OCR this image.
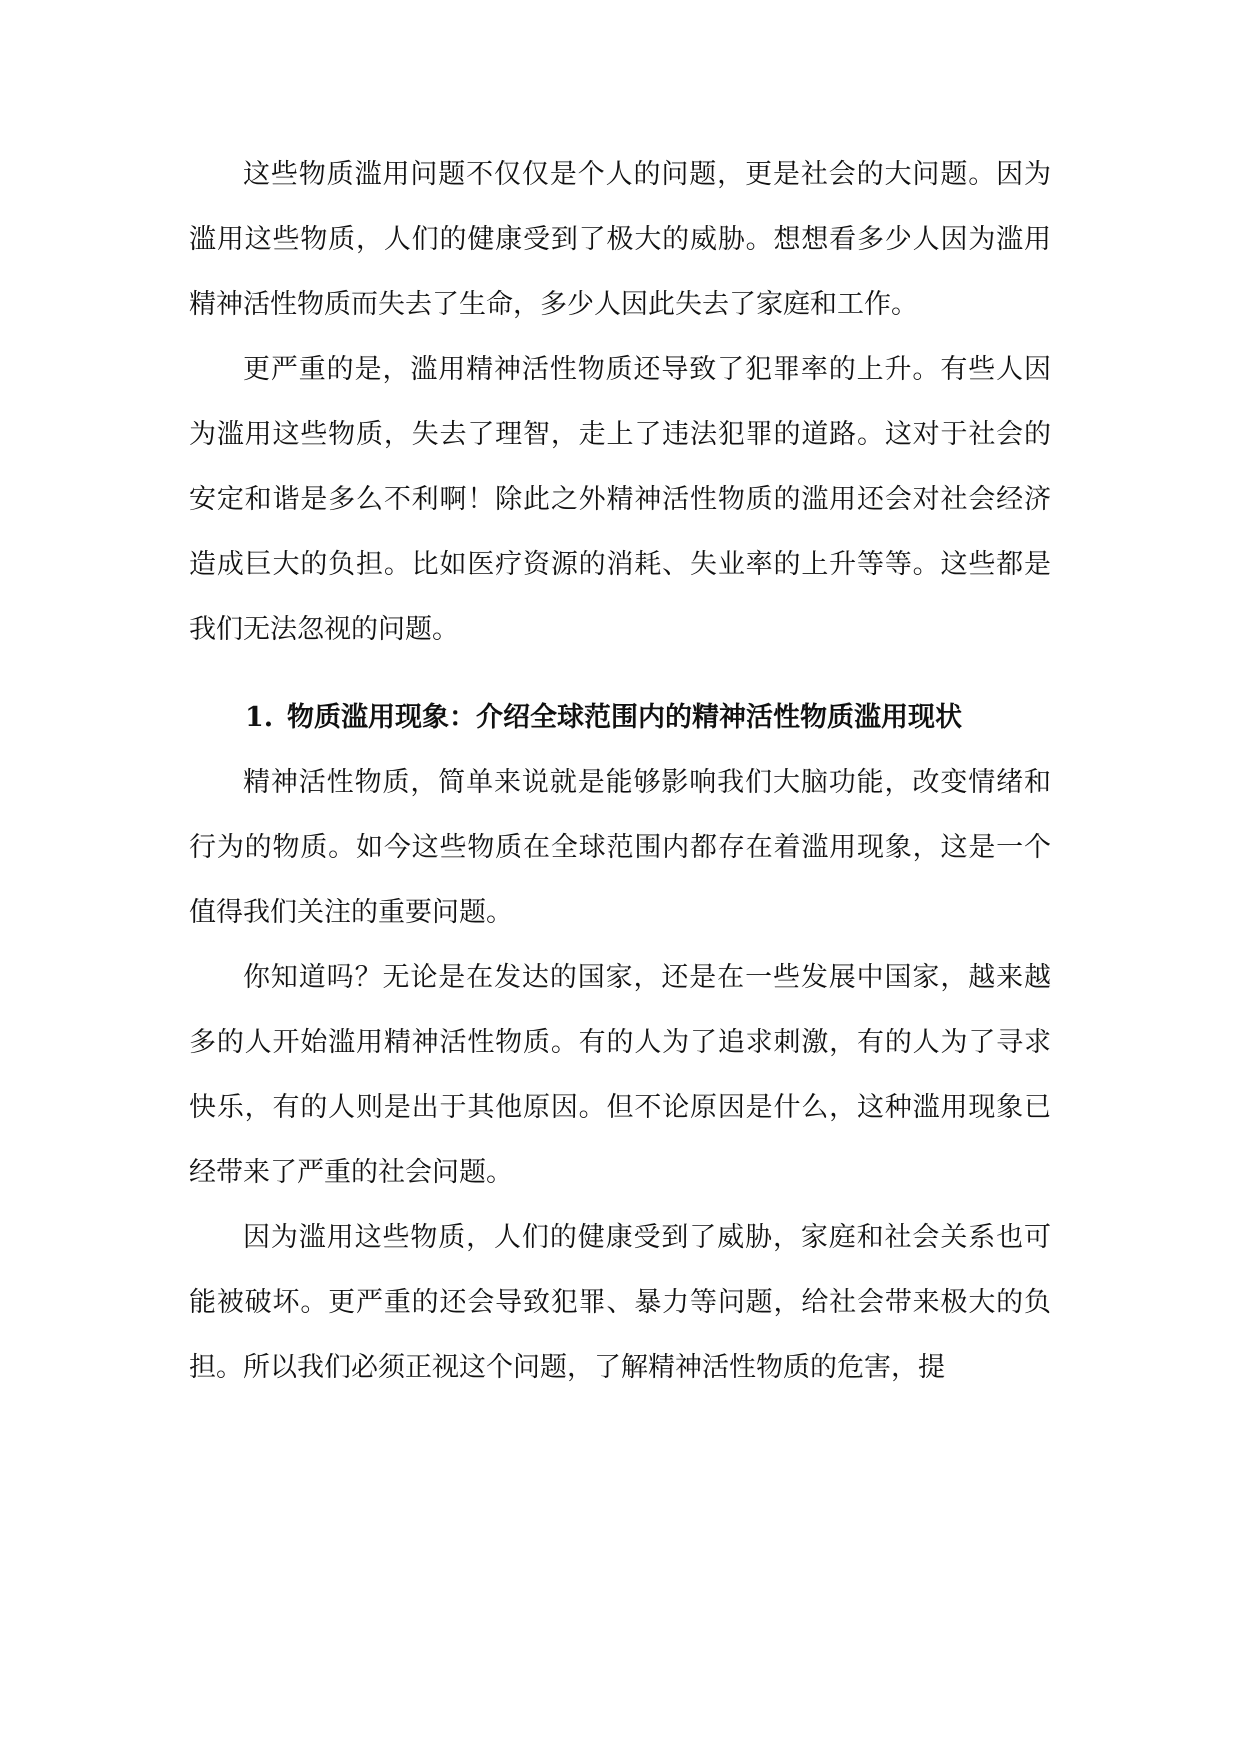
这些物质滥用问题不仅仅是个人的问题，更是社会的大问题。因为滥用这些物质，人们的健康受到了极大的威胁。想想看多少人因为滥用精神活性物质而失去了生命，多少人因此失去了家庭和工作。

更严重的是，滥用精神活性物质还导致了犯罪率的上升。有些人因为滥用这些物质，失去了理智，走上了违法犯罪的道路。这对于社会的安定和谐是多么不利啊！除此之外精神活性物质的滥用还会对社会经济造成巨大的负担。比如医疗资源的消耗、失业率的上升等等。这些都是我们无法忽视的问题。

1. 物质滥用现象：介绍全球范围内的精神活性物质滥用现状

精神活性物质，简单来说就是能够影响我们大脑功能，改变情绪和行为的物质。如今这些物质在全球范围内都存在着滥用现象，这是一个值得我们关注的重要问题。

你知道吗？无论是在发达的国家，还是在一些发展中国家，越来越多的人开始滥用精神活性物质。有的人为了追求刺激，有的人为了寻求快乐，有的人则是出于其他原因。但不论原因是什么，这种滥用现象已经带来了严重的社会问题。

因为滥用这些物质，人们的健康受到了威胁，家庭和社会关系也可能被破坏。更严重的还会导致犯罪、暴力等问题，给社会带来极大的负担。所以我们必须正视这个问题，了解精神活性物质的危害，提
